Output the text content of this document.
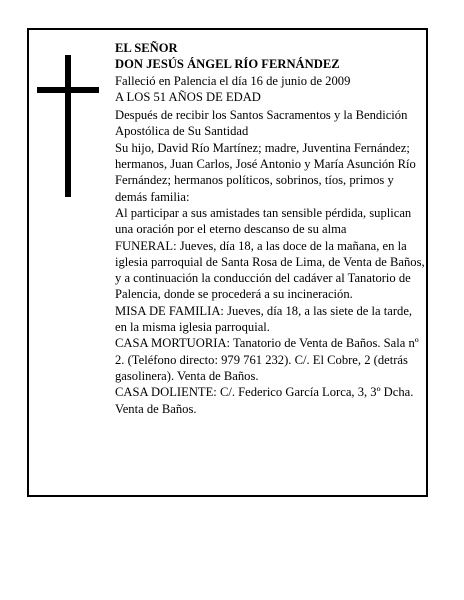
EL SEÑOR
DON JESÚS ÁNGEL RÍO FERNÁNDEZ
Falleció en Palencia el día 16 de junio de 2009
A LOS 51 AÑOS DE EDAD
Después de recibir los Santos Sacramentos y la Bendición Apostólica de Su Santidad
Su hijo, David Río Martínez; madre, Juventina Fernández; hermanos, Juan Carlos, José Antonio y María Asunción Río Fernández; hermanos políticos, sobrinos, tíos, primos y demás familia:
Al participar a sus amistades tan sensible pérdida, suplican una oración por el eterno descanso de su alma
FUNERAL: Jueves, día 18, a las doce de la mañana, en la iglesia parroquial de Santa Rosa de Lima, de Venta de Baños, y a continuación la conducción del cadáver al Tanatorio de Palencia, donde se procederá a su incineración.
MISA DE FAMILIA: Jueves, día 18, a las siete de la tarde, en la misma iglesia parroquial.
CASA MORTUORIA: Tanatorio de Venta de Baños. Sala nº 2. (Teléfono directo: 979 761 232). C/. El Cobre, 2 (detrás gasolinera). Venta de Baños.
CASA DOLIENTE: C/. Federico García Lorca, 3, 3º Dcha. Venta de Baños.
